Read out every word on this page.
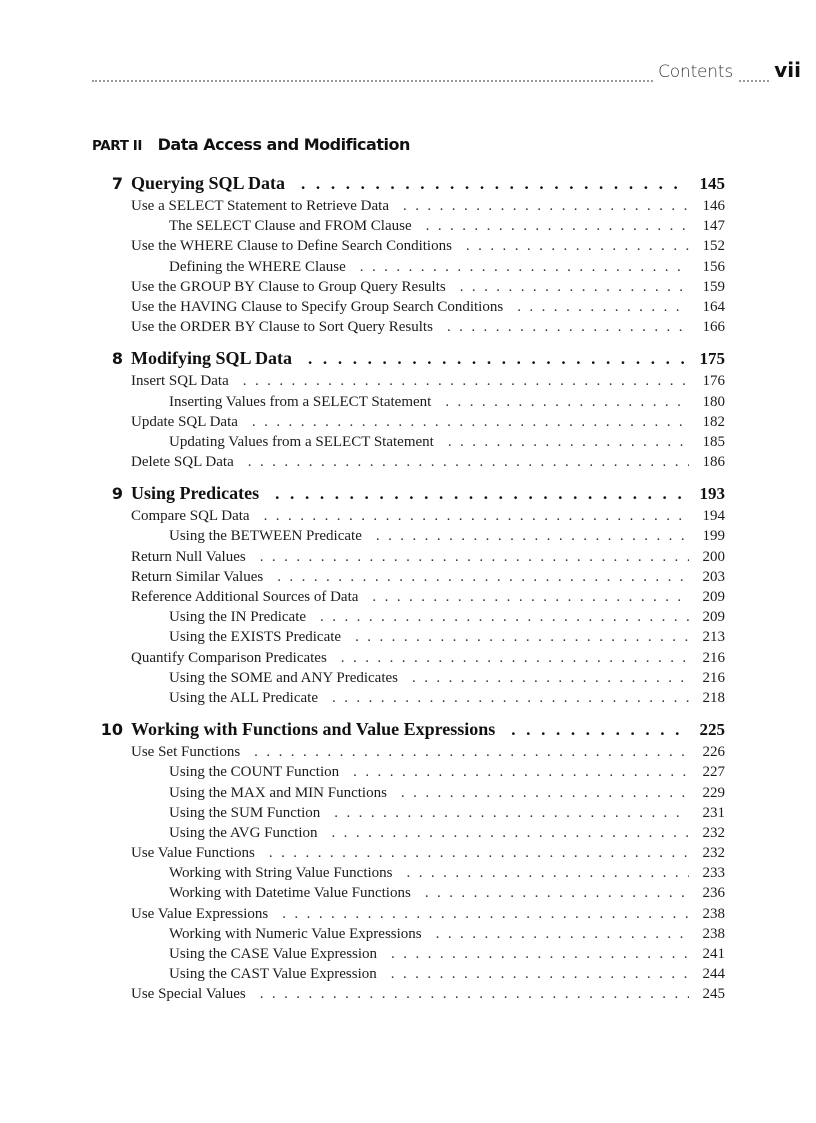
Contents vii
PART II Data Access and Modification
7 Querying SQL Data . . .	145
Use a SELECT Statement to Retrieve Data . . .	146
The SELECT Clause and FROM Clause . . .	147
Use the WHERE Clause to Define Search Conditions . . .	152
Defining the WHERE Clause . . .	156
Use the GROUP BY Clause to Group Query Results . . .	159
Use the HAVING Clause to Specify Group Search Conditions . . .	164
Use the ORDER BY Clause to Sort Query Results . . .	166
8 Modifying SQL Data . . .	175
Insert SQL Data . . .	176
Inserting Values from a SELECT Statement . . .	180
Update SQL Data . . .	182
Updating Values from a SELECT Statement . . .	185
Delete SQL Data . . .	186
9 Using Predicates . . .	193
Compare SQL Data . . .	194
Using the BETWEEN Predicate . . .	199
Return Null Values . . .	200
Return Similar Values . . .	203
Reference Additional Sources of Data . . .	209
Using the IN Predicate . . .	209
Using the EXISTS Predicate . . .	213
Quantify Comparison Predicates . . .	216
Using the SOME and ANY Predicates . . .	216
Using the ALL Predicate . . .	218
10 Working with Functions and Value Expressions . . .	225
Use Set Functions . . .	226
Using the COUNT Function . . .	227
Using the MAX and MIN Functions . . .	229
Using the SUM Function . . .	231
Using the AVG Function . . .	232
Use Value Functions . . .	232
Working with String Value Functions . . .	233
Working with Datetime Value Functions . . .	236
Use Value Expressions . . .	238
Working with Numeric Value Expressions . . .	238
Using the CASE Value Expression . . .	241
Using the CAST Value Expression . . .	244
Use Special Values . . .	245
